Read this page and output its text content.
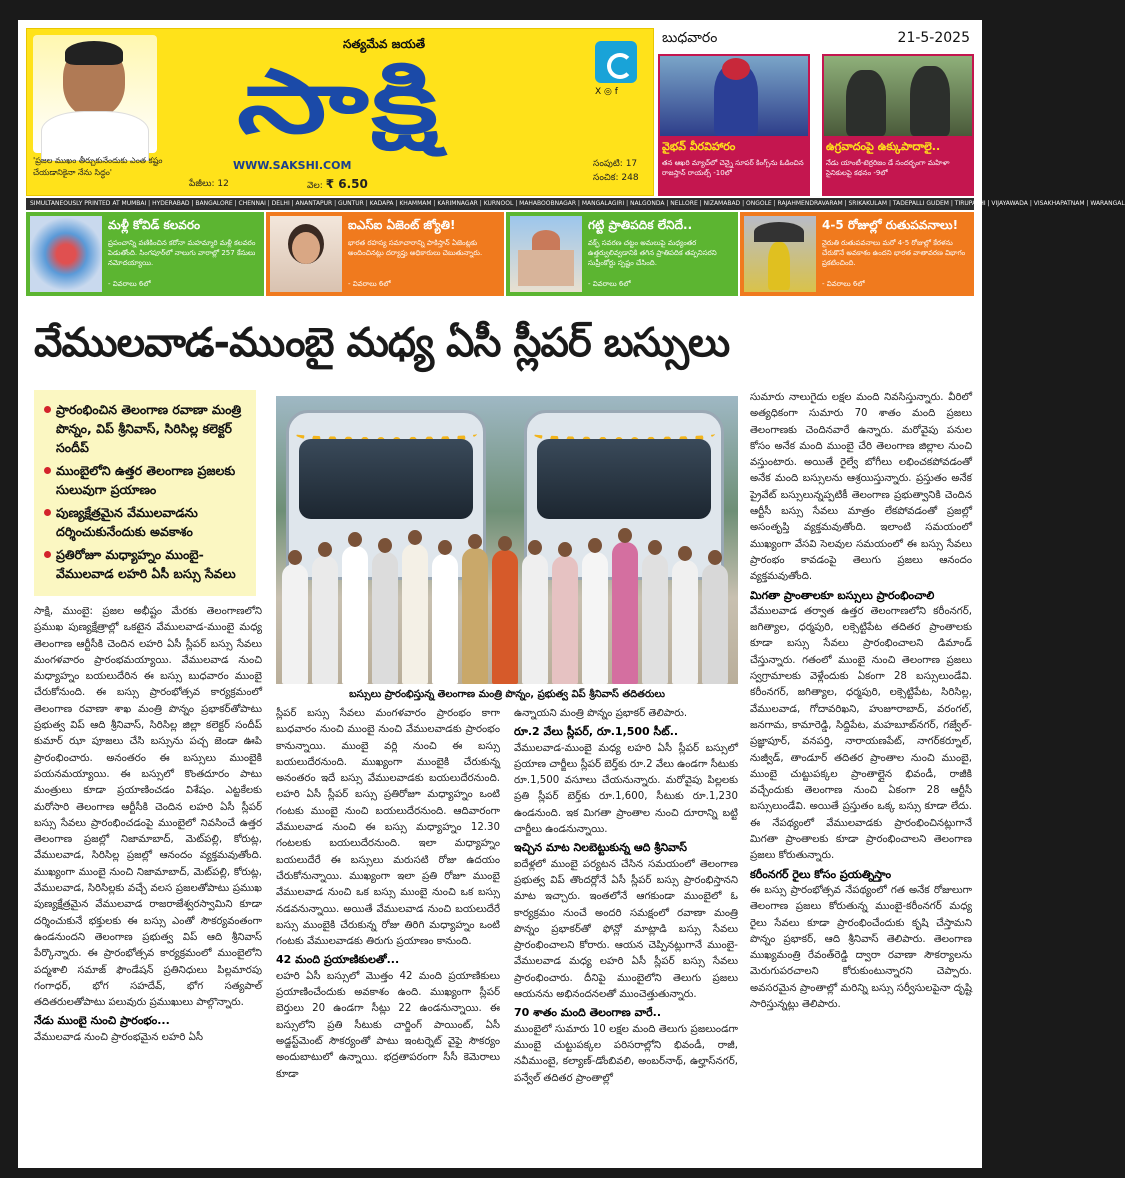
'ప్రజల ముఖం తీర్చుకునేందుకు ఎంత కష్టం చేయడానికైనా నేను సిద్ధం'
సత్యమేవ జయతే
సాక్షి
WWW.SAKSHI.COM
పేజీలు: 12	వెల: ₹ 6.50
X ◎ f
సంపుటి: 17
సంచిక: 248
బుధవారం	21-5-2025
వైభవ్ వీరవిహారం
తన ఆఖరి మ్యాచ్‌లో చెన్నై సూపర్ కింగ్స్‌ను ఓడించిన రాజస్తాన్ రాయల్స్ -10లో
ఉగ్రవాదంపై ఉక్కుపాదాలై..
నేడు యాంటీ-టెర్రరిజం డే సందర్భంగా మహిళా సైనికులపై కథనం -9లో
SIMULTANEOUSLY PRINTED AT MUMBAI | HYDERABAD | BANGALORE | CHENNAI | DELHI | ANANTAPUR | GUNTUR | KADAPA | KHAMMAM | KARIMNAGAR | KURNOOL | MAHABOOBNAGAR | MANGALAGIRI | NALGONDA | NELLORE | NIZAMABAD | ONGOLE | RAJAHMENDRAVARAM | SRIKAKULAM | TADEPALLI GUDEM | TIRUPATHI | VIJAYAWADA | VISAKHAPATNAM | WARANGAL
మళ్లీ కోవిడ్ కలవరం
ప్రపంచాన్ని వణికించిన కరోనా మహమ్మారి మళ్లీ కలవరం పెడుతోంది. సింగపూర్‌లో నాలుగు వారాల్లో 257 కేసులు నమోదయ్యాయి.
- వివరాలు 6లో
ఐఎస్ఐ ఏజెంట్ జ్యోతి!
భారత రహస్య సమాచారాన్ని పాకిస్తాన్ ఏజెంట్లకు అందించినట్లు దర్యాప్తు అధికారులు చెబుతున్నారు.
- వివరాలు 6లో
గట్టి ప్రాతిపదిక లేనిదే..
వక్ఫ్ సవరణ చట్టం అమలుపై మధ్యంతర ఉత్తర్వులివ్వడానికి తగిన ప్రాతిపదిక తప్పనిసరని సుప్రీంకోర్టు స్పష్టం చేసింది.
- వివరాలు 6లో
4-5 రోజుల్లో రుతుపవనాలు!
నైరుతి రుతుపవనాలు మరో 4-5 రోజుల్లో కేరళను చేరుకొనే అవకాశం ఉందని భారత వాతావరణ విభాగం ప్రకటించింది.
- వివరాలు 6లో
వేములవాడ-ముంబై మధ్య ఏసీ స్లీపర్ బస్సులు
ప్రారంభించిన తెలంగాణ రవాణా మంత్రి పొన్నం, విప్ శ్రీనివాస్, సిరిసిల్ల కలెక్టర్ సందీప్
ముంబైలోని ఉత్తర తెలంగాణ ప్రజలకు సులువుగా ప్రయాణం
పుణ్యక్షేత్రమైన వేములవాడను దర్శించుకునేందుకు అవకాశం
ప్రతిరోజూ మధ్యాహ్నం ముంబై-వేములవాడ లహరి ఏసీ బస్సు సేవలు
బస్సులు ప్రారంభిస్తున్న తెలంగాణ మంత్రి పొన్నం, ప్రభుత్వ విప్ శ్రీనివాస్ తదితరులు

సాక్షి, ముంబై: ప్రజల అభీష్టం మేరకు తెలంగాణలోని ప్రముఖ పుణ్యక్షేత్రాల్లో ఒకటైన వేములవాడ-ముంబై మధ్య తెలంగాణ ఆర్టీసీకి చెందిన లహరి ఏసీ స్లీపర్ బస్సు సేవలు మంగళవారం ప్రారంభమయ్యాయి. వేములవాడ నుంచి మధ్యాహ్నం బయలుదేరిన ఈ బస్సు బుధవారం ముంబై చేరుకోనుంది. ఈ బస్సు ప్రారంభోత్సవ కార్యక్రమంలో తెలంగాణ రవాణా శాఖ మంత్రి పొన్నం ప్రభాకర్‌తోపాటు ప్రభుత్వ విప్ ఆది శ్రీనివాస్, సిరిసిల్ల జిల్లా కలెక్టర్ సందీప్ కుమార్ ఝా పూజలు చేసి బస్సును పచ్చ జెండా ఊపి ప్రారంభించారు. అనంతరం ఈ బస్సులు ముంబైకి పయనమయ్యాయి. ఈ బస్సులో కొంతదూరం పాటు మంత్రులు కూడా ప్రయాణించడం విశేషం. ఎట్టకేలకు మరోసారి తెలంగాణ ఆర్టీసీకి చెందిన లహరి ఏసీ స్లీపర్ బస్సు సేవలు ప్రారంభించడంపై ముంబైలో నివసించే ఉత్తర తెలంగాణ ప్రజల్లో నిజామాబాద్, మెట్‌పల్లి, కోరుట్ల, వేములవాడ, సిరిసిల్ల ప్రజల్లో ఆనందం వ్యక్తమవుతోంది. ముఖ్యంగా ముంబై నుంచి నిజామాబాద్, మెట్‌పల్లి, కోరుట్ల, వేములవాడ, సిరిసిల్లకు వచ్చే వలస ప్రజలతోపాటు ప్రముఖ పుణ్యక్షేత్రమైన వేములవాడ రాజరాజేశ్వరస్వామిని కూడా దర్శించుకునే భక్తులకు ఈ బస్సు ఎంతో సౌకర్యవంతంగా ఉండనుందని తెలంగాణ ప్రభుత్వ విప్ ఆది శ్రీనివాస్ పేర్కొన్నారు. ఈ ప్రారంభోత్సవ కార్యక్రమంలో ముంబైలోని పద్మశాలి సమాజ్ ఫౌండేషన్ ప్రతినిధులు పిల్లమారపు గంగాధర్, భోగ సహదేవ్, భోగ సత్యపాల్ తదితరులతోపాటు పలువురు ప్రముఖులు పాల్గొన్నారు.

నేడు ముంబై నుంచి ప్రారంభం...

వేములవాడ నుంచి ప్రారంభమైన లహరి ఏసీ

స్లీపర్ బస్సు సేవలు మంగళవారం ప్రారంభం కాగా బుధవారం నుంచి ముంబై నుంచి వేములవాడకు ప్రారంభం కానున్నాయి. ముంబై వర్లి నుంచి ఈ బస్సు బయలుదేరనుంది. ముఖ్యంగా ముంబైకి చేరుకున్న అనంతరం ఇదే బస్సు వేములవాడకు బయలుదేరనుంది. లహరి ఏసీ స్లీపర్ బస్సు ప్రతిరోజూ మధ్యాహ్నం ఒంటి గంటకు ముంబై నుంచి బయలుదేరనుంది. ఆదివారంగా వేములవాడ నుంచి ఈ బస్సు మధ్యాహ్నం 12.30 గంటలకు బయలుదేరనుంది. ఇలా మధ్యాహ్నం బయలుదేరే ఈ బస్సులు మరుసటి రోజు ఉదయం చేరుకోనున్నాయి. ముఖ్యంగా ఇలా ప్రతి రోజూ ముంబై వేములవాడ నుంచి ఒక బస్సు ముంబై నుంచి ఒక బస్సు నడవనున్నాయి. అయితే వేములవాడ నుంచి బయలుదేరే బస్సు ముంబైకి చేరుకున్న రోజు తిరిగి మధ్యాహ్నం ఒంటి గంటకు వేములవాడకు తిరుగు ప్రయాణం కానుంది.

42 మంది ప్రయాణికులతో...

లహరి ఏసీ బస్సులో మొత్తం 42 మంది ప్రయాణికులు ప్రయాణించేందుకు అవకాశం ఉంది. ముఖ్యంగా స్లీపర్ బెర్తులు 20 ఉండగా సీట్లు 22 ఉండనున్నాయి. ఈ బస్సులోని ప్రతి సీటుకు చార్జింగ్ పాయింట్, ఏసీ అడ్జస్ట్‌మెంట్ సౌకర్యంతో పాటు ఇంటర్నెట్ వైఫై సౌకర్యం అందుబాటులో ఉన్నాయి. భద్రతాపరంగా సీసీ కెమెరాలు కూడా

ఉన్నాయని మంత్రి పొన్నం ప్రభాకర్ తెలిపారు.

రూ.2 వేలు స్లీపర్, రూ.1,500 సీట్..

వేములవాడ-ముంబై మధ్య లహరి ఏసీ స్లీపర్ బస్సులో ప్రయాణ చార్జీలు స్లీపర్ బెర్త్‌కు రూ.2 వేలు ఉండగా సీటుకు రూ.1,500 వసూలు చేయనున్నారు. మరోవైపు పిల్లలకు ప్రతి స్లీపర్ బెర్త్‌కు రూ.1,600, సీటుకు రూ.1,230 ఉండనుంది. ఇక మిగతా ప్రాంతాల నుంచి దూరాన్ని బట్టి చార్జీలు ఉండనున్నాయి.

ఇచ్చిన మాట నిలబెట్టుకున్న ఆది శ్రీనివాస్

ఐదేళ్లలో ముంబై పర్యటన చేసిన సమయంలో తెలంగాణ ప్రభుత్వ విప్ తొందర్లోనే ఏసీ స్లీపర్ బస్సు ప్రారంభిస్తానని మాట ఇచ్చారు. ఇంతలోనే ఆగకుండా ముంబైలో ఓ కార్యక్రమం నుంచే అందరి సమక్షంలో రవాణా మంత్రి పొన్నం ప్రభాకర్‌తో ఫోన్లో మాట్లాడి బస్సు సేవలు ప్రారంభించాలని కోరారు. ఆయన చెప్పినట్లుగానే ముంబై-వేములవాడ మధ్య లహరి ఏసీ స్లీపర్ బస్సు సేవలు ప్రారంభించారు. దీనిపై ముంబైలోని తెలుగు ప్రజలు ఆయనను అభినందనలతో ముంచెత్తుతున్నారు.

70 శాతం మంది తెలంగాణ వారే..

ముంబైలో సుమారు 10 లక్షల మంది తెలుగు ప్రజలుండగా ముంబై చుట్టుపక్కల పరిసరాల్లోని భివండీ, రాజీ, నవీముంబై, కల్యాణ్-డోంబివలి, అంబర్‌నాథ్, ఉల్హాస్‌నగర్, పన్వేల్ తదితర ప్రాంతాల్లో

సుమారు నాలుగైదు లక్షల మంది నివసిస్తున్నారు. వీరిలో అత్యధికంగా సుమారు 70 శాతం మంది ప్రజలు తెలంగాణకు చెందినవారే ఉన్నారు. మరోవైపు పనుల కోసం అనేక మంది ముంబై చేరి తెలంగాణ జిల్లాల నుంచి వస్తుంటారు. అయితే రైల్వే బోగీలు లభించకపోవడంతో అనేక మంది బస్సులను ఆశ్రయిస్తున్నారు. ప్రస్తుతం అనేక ప్రైవేట్ బస్సులున్నప్పటికీ తెలంగాణ ప్రభుత్వానికి చెందిన ఆర్టీసీ బస్సు సేవలు మాత్రం లేకపోవడంతో ప్రజల్లో అసంతృప్తి వ్యక్తమవుతోంది. ఇలాంటి సమయంలో ముఖ్యంగా వేసవి సెలవుల సమయంలో ఈ బస్సు సేవలు ప్రారంభం కావడంపై తెలుగు ప్రజలు ఆనందం వ్యక్తమవుతోంది.

మిగతా ప్రాంతాలకూ బస్సులు ప్రారంభించాలి

వేములవాడ తర్వాత ఉత్తర తెలంగాణలోని కరీంనగర్, జగిత్యాల, ధర్మపురి, లక్సెట్టిపేట తదితర ప్రాంతాలకు కూడా బస్సు సేవలు ప్రారంభించాలని డిమాండ్ చేస్తున్నారు. గతంలో ముంబై నుంచి తెలంగాణ ప్రజలు స్వగ్రామాలకు వెళ్లేందుకు ఏకంగా 28 బస్సులుండేవి. కరీంనగర్, జగిత్యాల, ధర్మపురి, లక్సెట్టిపేట, సిరిసిల్ల, వేములవాడ, గోదావరిఖని, హుజూరాబాద్, వరంగల్, జనగామ, కామారెడ్డి, సిద్దిపేట, మహబూబ్‌నగర్, గజ్వేల్-ప్రజ్ఞాపూర్, వనపర్తి, నారాయణపేట్, నాగర్‌కర్నూల్, నుజ్వీడ్, తాండూర్ తదితర ప్రాంతాల నుంచి ముంబై, ముంబై చుట్టుపక్కల ప్రాంతాల్లైన భివండీ, రాజీకి వచ్చేందుకు తెలంగాణ నుంచి ఏకంగా 28 ఆర్టీసీ బస్సులుండేవి. అయితే ప్రస్తుతం ఒక్క బస్సు కూడా లేదు. ఈ నేపథ్యంలో వేములవాడకు ప్రారంభించినట్లుగానే మిగతా ప్రాంతాలకు కూడా ప్రారంభించాలని తెలంగాణ ప్రజలు కోరుతున్నారు.

కరీంనగర్ రైలు కోసం ప్రయత్నిస్తాం

ఈ బస్సు ప్రారంభోత్సవ నేపథ్యంలో గత అనేక రోజులుగా తెలంగాణ ప్రజలు కోరుతున్న ముంబై-కరీంనగర్ మధ్య రైలు సేవలు కూడా ప్రారంభించేందుకు కృషి చేస్తామని పొన్నం ప్రభాకర్, ఆది శ్రీనివాస్ తెలిపారు. తెలంగాణ ముఖ్యమంత్రి రేవంత్‌రెడ్డి ద్వారా రవాణా సౌకర్యాలను మెరుగుపరచాలని కోరుకుంటున్నారని చెప్పారు. అవసరమైన ప్రాంతాల్లో మరిన్ని బస్సు సర్వీసులపైనా దృష్టి సారిస్తున్నట్లు తెలిపారు.
